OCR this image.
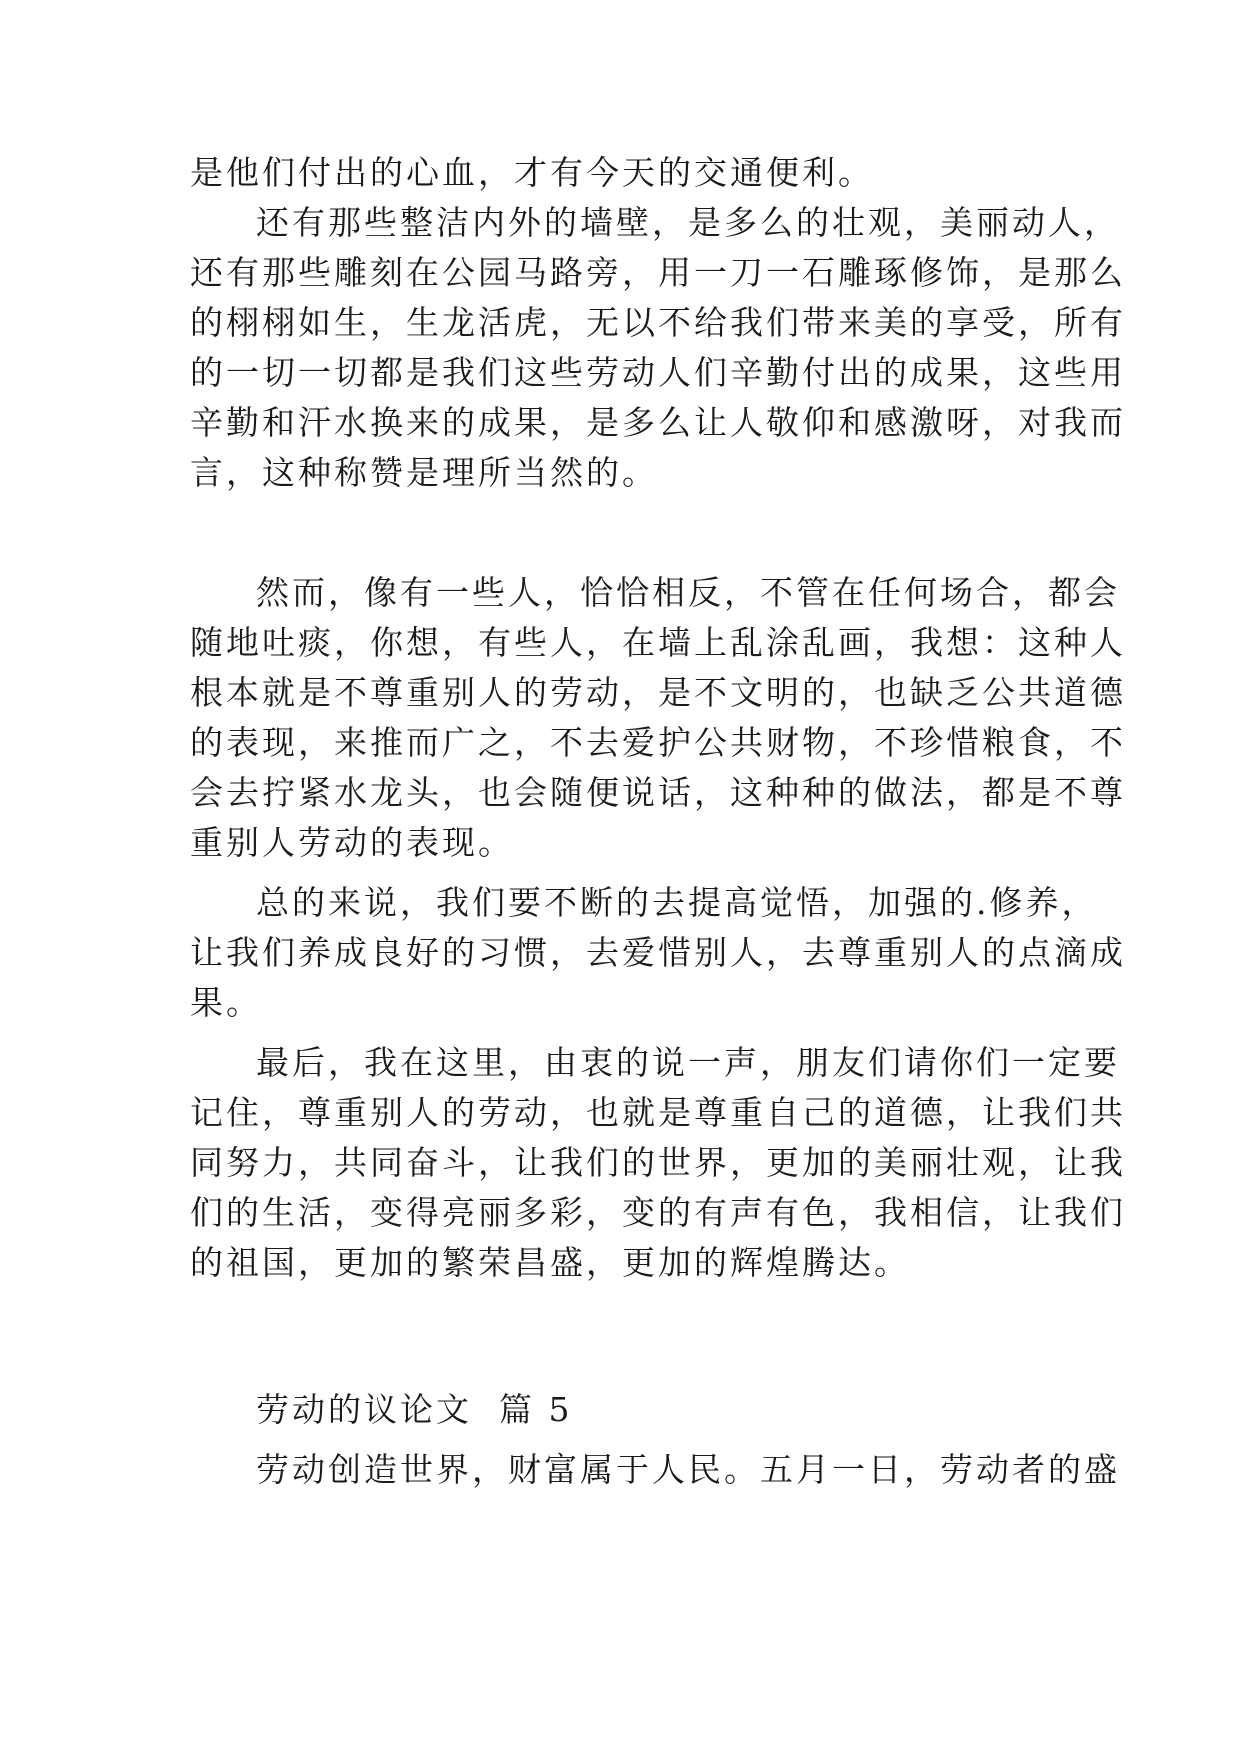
是他们付出的心血，才有今天的交通便利。
还有那些整洁内外的墙壁，是多么的壮观，美丽动人，
还有那些雕刻在公园马路旁，用一刀一石雕琢修饰，是那么
的栩栩如生，生龙活虎，无以不给我们带来美的享受，所有
的一切一切都是我们这些劳动人们辛勤付出的成果，这些用
辛勤和汗水换来的成果，是多么让人敬仰和感激呀，对我而
言，这种称赞是理所当然的。
然而，像有一些人，恰恰相反，不管在任何场合，都会
随地吐痰，你想，有些人，在墙上乱涂乱画，我想：这种人
根本就是不尊重别人的劳动，是不文明的，也缺乏公共道德
的表现，来推而广之，不去爱护公共财物，不珍惜粮食，不
会去拧紧水龙头，也会随便说话，这种种的做法，都是不尊
重别人劳动的表现。
总的来说，我们要不断的去提高觉悟，加强的.修养，
让我们养成良好的习惯，去爱惜别人，去尊重别人的点滴成
果。
最后，我在这里，由衷的说一声，朋友们请你们一定要
记住，尊重别人的劳动，也就是尊重自己的道德，让我们共
同努力，共同奋斗，让我们的世界，更加的美丽壮观，让我
们的生活，变得亮丽多彩，变的有声有色，我相信，让我们
的祖国，更加的繁荣昌盛，更加的辉煌腾达。
劳动的议论文  篇 5
劳动创造世界，财富属于人民。五月一日，劳动者的盛
